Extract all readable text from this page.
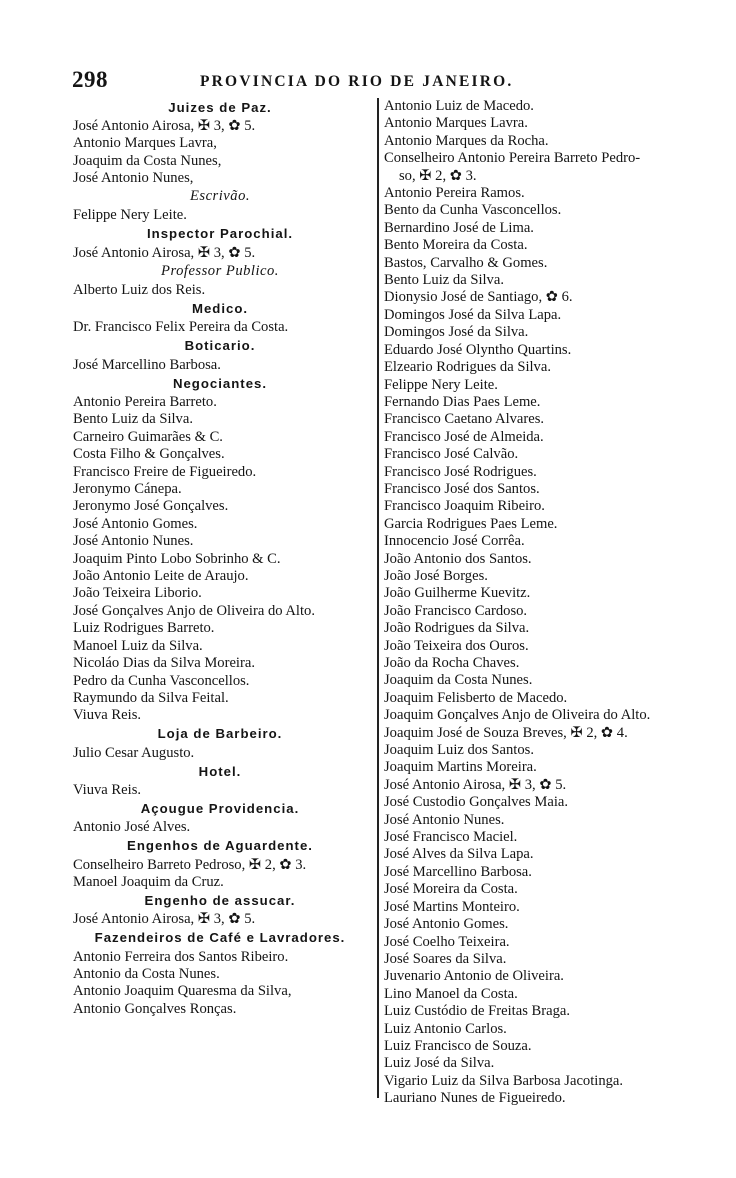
298	PROVINCIA DO RIO DE JANEIRO.
Juizes de Paz.
José Antonio Airosa, ✠ 3, ✿ 5.
Antonio Marques Lavra,
Joaquim da Costa Nunes,
José Antonio Nunes,
Escrivão.
Felippe Nery Leite.
Inspector Parochial.
José Antonio Airosa, ✠ 3, ✿ 5.
Professor Publico.
Alberto Luiz dos Reis.
Medico.
Dr. Francisco Felix Pereira da Costa.
Boticario.
José Marcellino Barbosa.
Negociantes.
Antonio Pereira Barreto.
Bento Luiz da Silva.
Carneiro Guimarães & C.
Costa Filho & Gonçalves.
Francisco Freire de Figueiredo.
Jeronymo Cánepa.
Jeronymo José Gonçalves.
José Antonio Gomes.
José Antonio Nunes.
Joaquim Pinto Lobo Sobrinho & C.
João Antonio Leite de Araujo.
João Teixeira Liborio.
José Gonçalves Anjo de Oliveira do Alto.
Luiz Rodrigues Barreto.
Manoel Luiz da Silva.
Nicoláo Dias da Silva Moreira.
Pedro da Cunha Vasconcellos.
Raymundo da Silva Feital.
Viuva Reis.
Loja de Barbeiro.
Julio Cesar Augusto.
Hotel.
Viuva Reis.
Açougue Providencia.
Antonio José Alves.
Engenhos de Aguardente.
Conselheiro Barreto Pedroso, ✠ 2, ✿ 3.
Manoel Joaquim da Cruz.
Engenho de assucar.
José Antonio Airosa, ✠ 3, ✿ 5.
Fazendeiros de Café e Lavradores.
Antonio Ferreira dos Santos Ribeiro.
Antonio da Costa Nunes.
Antonio Joaquim Quaresma da Silva,
Antonio Gonçalves Ronças.
Antonio Luiz de Macedo.
Antonio Marques Lavra.
Antonio Marques da Rocha.
Conselheiro Antonio Pereira Barreto Pedro-
so, ✠ 2, ✿ 3.
Antonio Pereira Ramos.
Bento da Cunha Vasconcellos.
Bernardino José de Lima.
Bento Moreira da Costa.
Bastos, Carvalho & Gomes.
Bento Luiz da Silva.
Dionysio José de Santiago, ✿ 6.
Domingos José da Silva Lapa.
Domingos José da Silva.
Eduardo José Olyntho Quartins.
Elzeario Rodrigues da Silva.
Felippe Nery Leite.
Fernando Dias Paes Leme.
Francisco Caetano Alvares.
Francisco José de Almeida.
Francisco José Calvão.
Francisco José Rodrigues.
Francisco José dos Santos.
Francisco Joaquim Ribeiro.
Garcia Rodrigues Paes Leme.
Innocencio José Corrêa.
João Antonio dos Santos.
João José Borges.
João Guilherme Kuevitz.
João Francisco Cardoso.
João Rodrigues da Silva.
João Teixeira dos Ouros.
João da Rocha Chaves.
Joaquim da Costa Nunes.
Joaquim Felisberto de Macedo.
Joaquim Gonçalves Anjo de Oliveira do Alto.
Joaquim José de Souza Breves, ✠ 2, ✿ 4.
Joaquim Luiz dos Santos.
Joaquim Martins Moreira.
José Antonio Airosa, ✠ 3, ✿ 5.
José Custodio Gonçalves Maia.
José Antonio Nunes.
José Francisco Maciel.
José Alves da Silva Lapa.
José Marcellino Barbosa.
José Moreira da Costa.
José Martins Monteiro.
José Antonio Gomes.
José Coelho Teixeira.
José Soares da Silva.
Juvenario Antonio de Oliveira.
Lino Manoel da Costa.
Luiz Custódio de Freitas Braga.
Luiz Antonio Carlos.
Luiz Francisco de Souza.
Luiz José da Silva.
Vigario Luiz da Silva Barbosa Jacotinga.
Lauriano Nunes de Figueiredo.
